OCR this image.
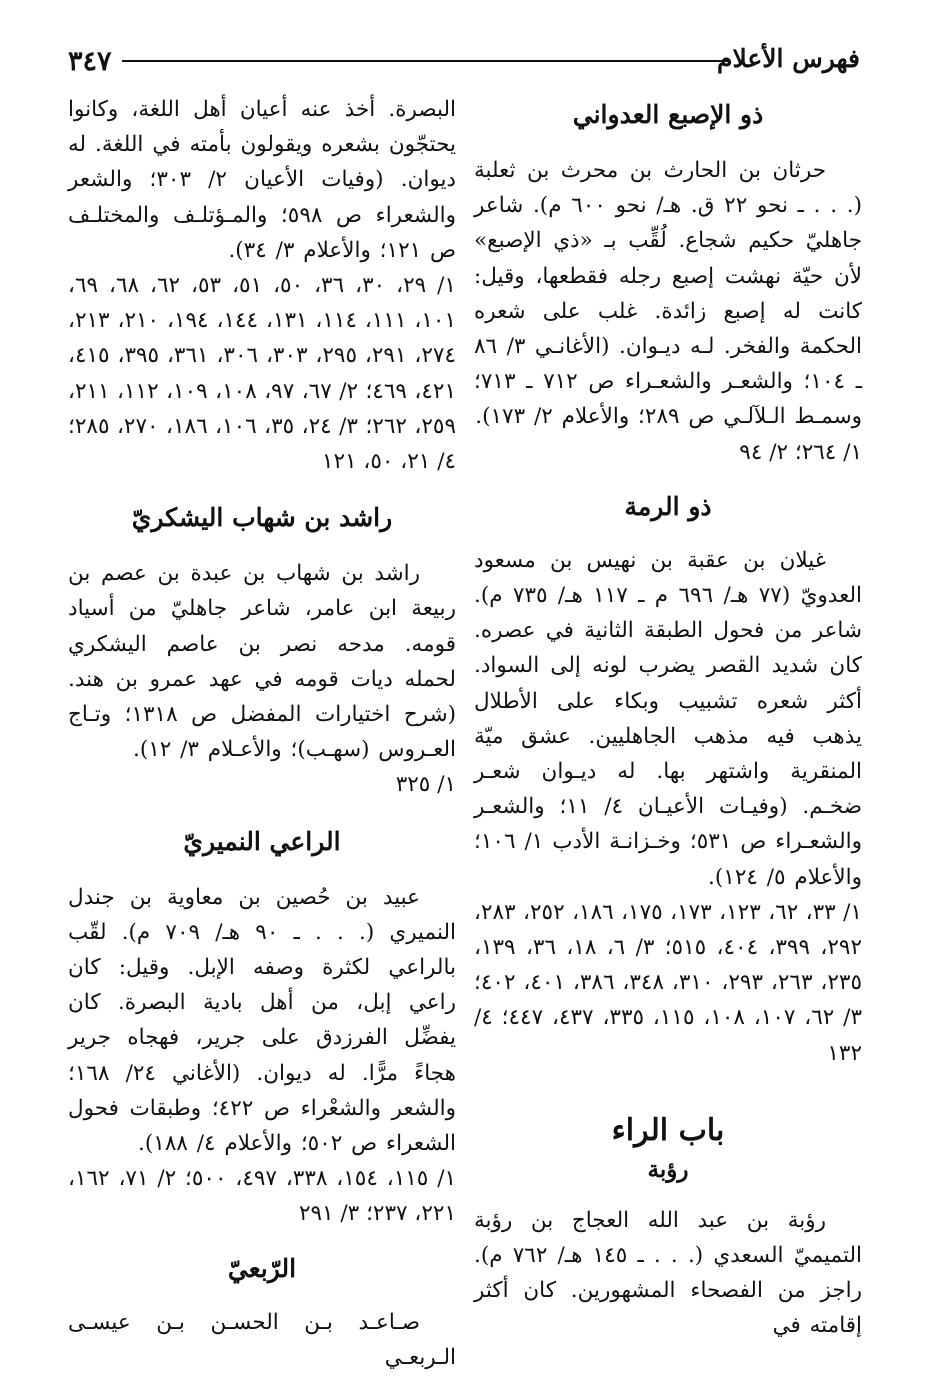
٣٤٧	فهرس الأعلام
ذو الإصبع العدواني

حرثان بن الحارث بن محرث بن ثعلبة (. . . ـ نحو ٢٢ ق. هـ/ نحو ٦٠٠ م). شاعر جاهليّ حكيم شجاع. لُقِّب بـ «ذي الإصبع» لأن حيّة نهشت إصبع رجله فقطعها، وقيل: كانت له إصبع زائدة. غلب على شعره الحكمة والفخر. لـه ديـوان. (الأغانـي ٣/ ٨٦ ـ ١٠٤؛ والشعـر والشعـراء ص ٧١٢ ـ ٧١٣؛ وسمـط الـلآلـي ص ٢٨٩؛ والأعلام ٢/ ١٧٣).

١/ ٢٦٤؛ ٢/ ٩٤

ذو الرمة

غيلان بن عقبة بن نهيس بن مسعود العدويّ (٧٧ هـ/ ٦٩٦ م ـ ١١٧ هـ/ ٧٣٥ م). شاعر من فحول الطبقة الثانية في عصره. كان شديد القصر يضرب لونه إلى السواد. أكثر شعره تشبيب وبكاء على الأطلال يذهب فيه مذهب الجاهليين. عشق ميّة المنقرية واشتهر بها. له ديـوان شعـر ضخـم. (وفيـات الأعيـان ٤/ ١١؛ والشعـر والشعـراء ص ٥٣١؛ وخـزانـة الأدب ١/ ١٠٦؛ والأعلام ٥/ ١٢٤).

١/ ٣٣، ٦٢، ١٢٣، ١٧٣، ١٧٥، ١٨٦، ٢٥٢، ٢٨٣، ٢٩٢، ٣٩٩، ٤٠٤، ٥١٥؛ ٣/ ٦، ١٨، ٣٦، ١٣٩، ٢٣٥، ٢٦٣، ٢٩٣، ٣١٠، ٣٤٨، ٣٨٦، ٤٠١، ٤٠٢؛ ٣/ ٦٢، ١٠٧، ١٠٨، ١١٥، ٣٣٥، ٤٣٧، ٤٤٧؛ ٤/ ١٣٢

باب الراء
رؤبة

رؤبة بن عبد الله العجاج بن رؤبة التميميّ السعدي (. . . ـ ١٤٥ هـ/ ٧٦٢ م). راجز من الفصحاء المشهورين. كان أكثر إقامته في

البصرة. أخذ عنه أعيان أهل اللغة، وكانوا يحتجّون بشعره ويقولون بأمته في اللغة. له ديوان. (وفيات الأعيان ٢/ ٣٠٣؛ والشعر والشعراء ص ٥٩٨؛ والمـؤتلـف والمختلـف ص ١٢١؛ والأعلام ٣/ ٣٤).

١/ ٢٩، ٣٠، ٣٦، ٥٠، ٥١، ٥٣، ٦٢، ٦٨، ٦٩، ١٠١، ١١١، ١١٤، ١٣١، ١٤٤، ١٩٤، ٢١٠، ٢١٣، ٢٧٤، ٢٩١، ٢٩٥، ٣٠٣، ٣٠٦، ٣٦١، ٣٩٥، ٤١٥، ٤٢١، ٤٦٩؛ ٢/ ٦٧، ٩٧، ١٠٨، ١٠٩، ١١٢، ٢١١، ٢٥٩، ٢٦٢؛ ٣/ ٢٤، ٣٥، ١٠٦، ١٨٦، ٢٧٠، ٢٨٥؛ ٤/ ٢١، ٥٠، ١٢١

راشد بن شهاب اليشكريّ

راشد بن شهاب بن عبدة بن عصم بن ربيعة ابن عامر، شاعر جاهليّ من أسياد قومه. مدحه نصر بن عاصم اليشكري لحمله ديات قومه في عهد عمرو بن هند. (شرح اختيارات المفضل ص ١٣١٨؛ وتـاج العـروس (سهـب)؛ والأعـلام ٣/ ١٢).

١/ ٣٢٥

الراعي النميريّ

عبيد بن حُصين بن معاوية بن جندل النميري (. . . ـ ٩٠ هـ/ ٧٠٩ م). لقّب بالراعي لكثرة وصفه الإبل. وقيل: كان راعي إبل، من أهل بادية البصرة. كان يفضِّل الفرزدق على جرير، فهجاه جرير هجاءً مرًّا. له ديوان. (الأغاني ٢٤/ ١٦٨؛ والشعر والشعْراء ص ٤٢٢؛ وطبقات فحول الشعراء ص ٥٠٢؛ والأعلام ٤/ ١٨٨).

١/ ١١٥، ١٥٤، ٣٣٨، ٤٩٧، ٥٠٠؛ ٢/ ٧١، ١٦٢، ٢٢١، ٢٣٧؛ ٣/ ٢٩١

الرّبعيّ

صـاعـد بـن الحسـن بـن عيسـى الـربعـي
